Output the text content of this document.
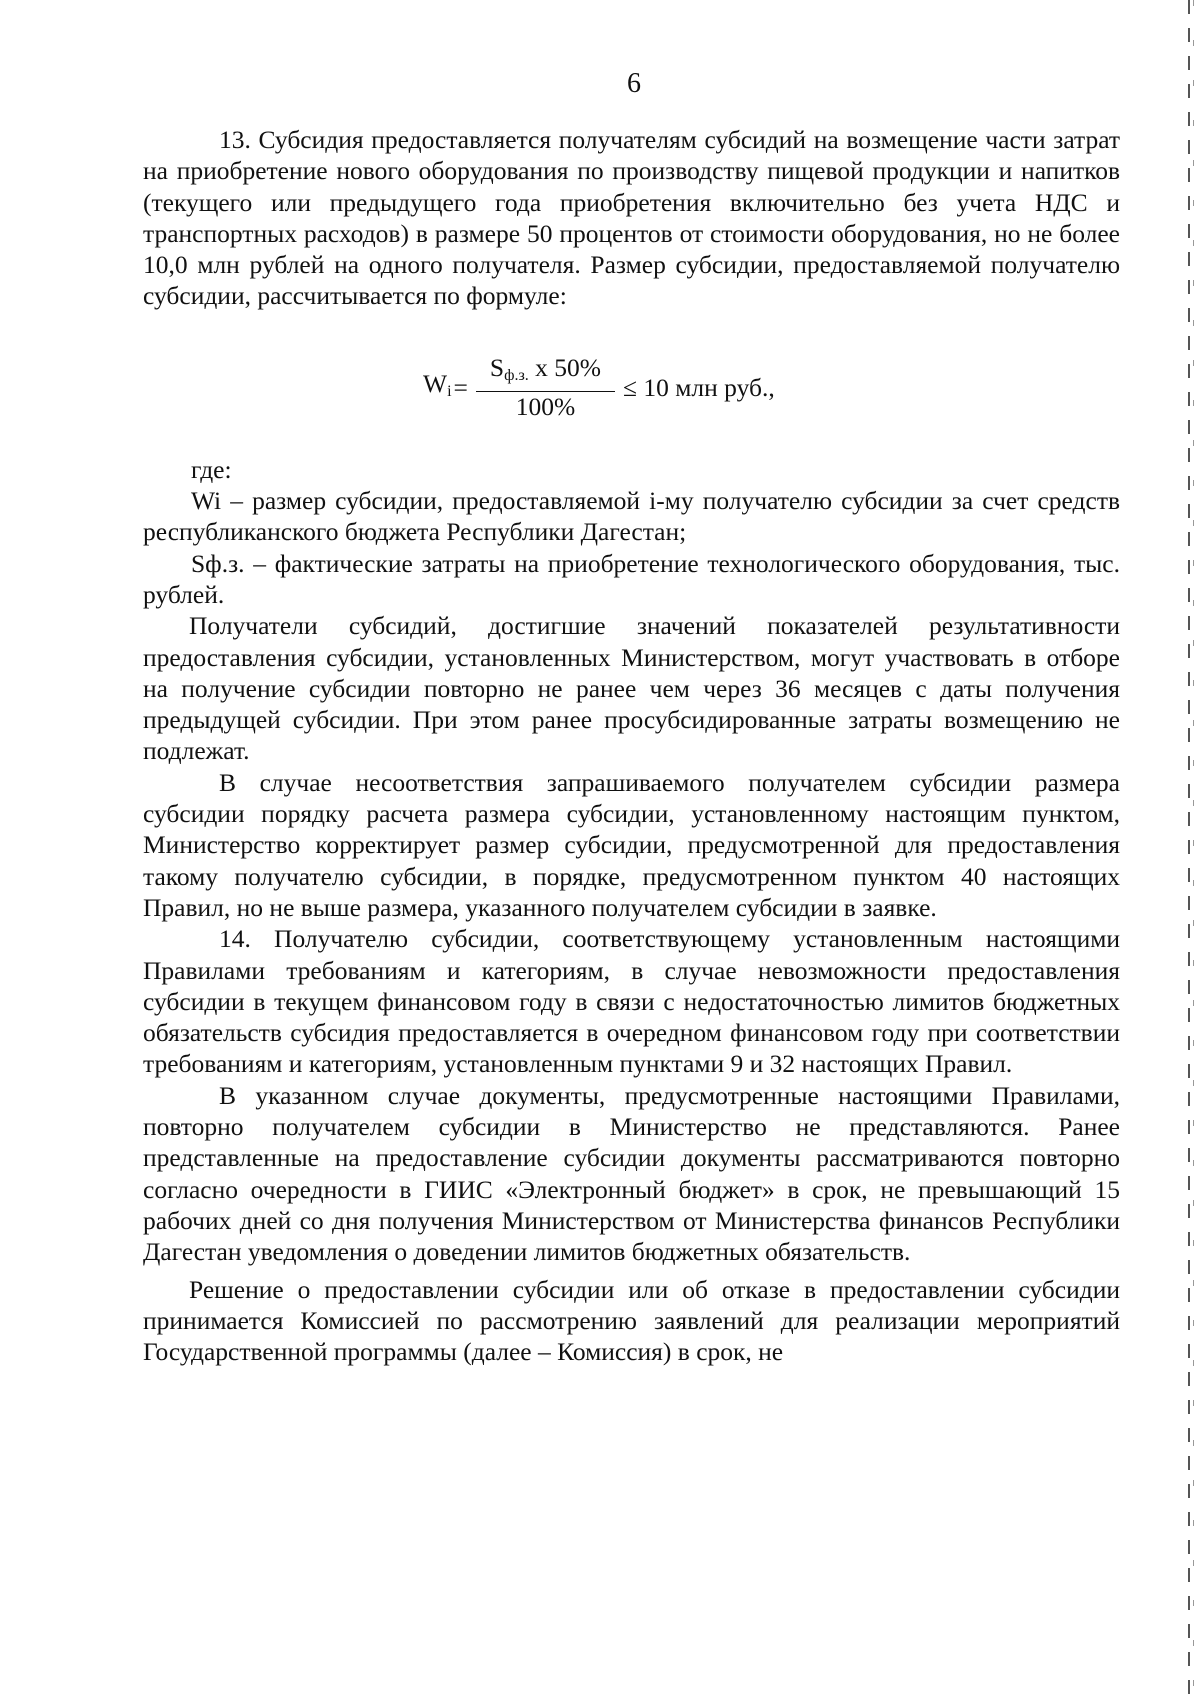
6

13. Субсидия предоставляется получателям субсидий на возмещение части затрат на приобретение нового оборудования по производству пищевой продукции и напитков (текущего или предыдущего года приобретения включительно без учета НДС и транспортных расходов) в размере 50 процентов от стоимости оборудования, но не более 10,0 млн рублей на одного получателя. Размер субсидии, предоставляемой получателю субсидии, рассчитывается по формуле:

$W_i = \frac{S_{ф.з.} x 50\%}{100\%} \le 10$ млн руб.,

где:

Wi – размер субсидии, предоставляемой i-му получателю субсидии за счет средств республиканского бюджета Республики Дагестан;

Sф.з. – фактические затраты на приобретение технологического оборудования, тыс. рублей.

Получатели субсидий, достигшие значений показателей результативности предоставления субсидии, установленных Министерством, могут участвовать в отборе на получение субсидии повторно не ранее чем через 36 месяцев с даты получения предыдущей субсидии. При этом ранее просубсидированные затраты возмещению не подлежат.

В случае несоответствия запрашиваемого получателем субсидии размера субсидии порядку расчета размера субсидии, установленному настоящим пунктом, Министерство корректирует размер субсидии, предусмотренной для предоставления такому получателю субсидии, в порядке, предусмотренном пунктом 40 настоящих Правил, но не выше размера, указанного получателем субсидии в заявке.

14. Получателю субсидии, соответствующему установленным настоящими Правилами требованиям и категориям, в случае невозможности предоставления субсидии в текущем финансовом году в связи с недостаточностью лимитов бюджетных обязательств субсидия предоставляется в очередном финансовом году при соответствии требованиям и категориям, установленным пунктами 9 и 32 настоящих Правил.

В указанном случае документы, предусмотренные настоящими Правилами, повторно получателем субсидии в Министерство не представляются. Ранее представленные на предоставление субсидии документы рассматриваются повторно согласно очередности в ГИИС «Электронный бюджет» в срок, не превышающий 15 рабочих дней со дня получения Министерством от Министерства финансов Республики Дагестан уведомления о доведении лимитов бюджетных обязательств.

Решение о предоставлении субсидии или об отказе в предоставлении субсидии принимается Комиссией по рассмотрению заявлений для реализации мероприятий Государственной программы (далее – Комиссия) в срок, не
